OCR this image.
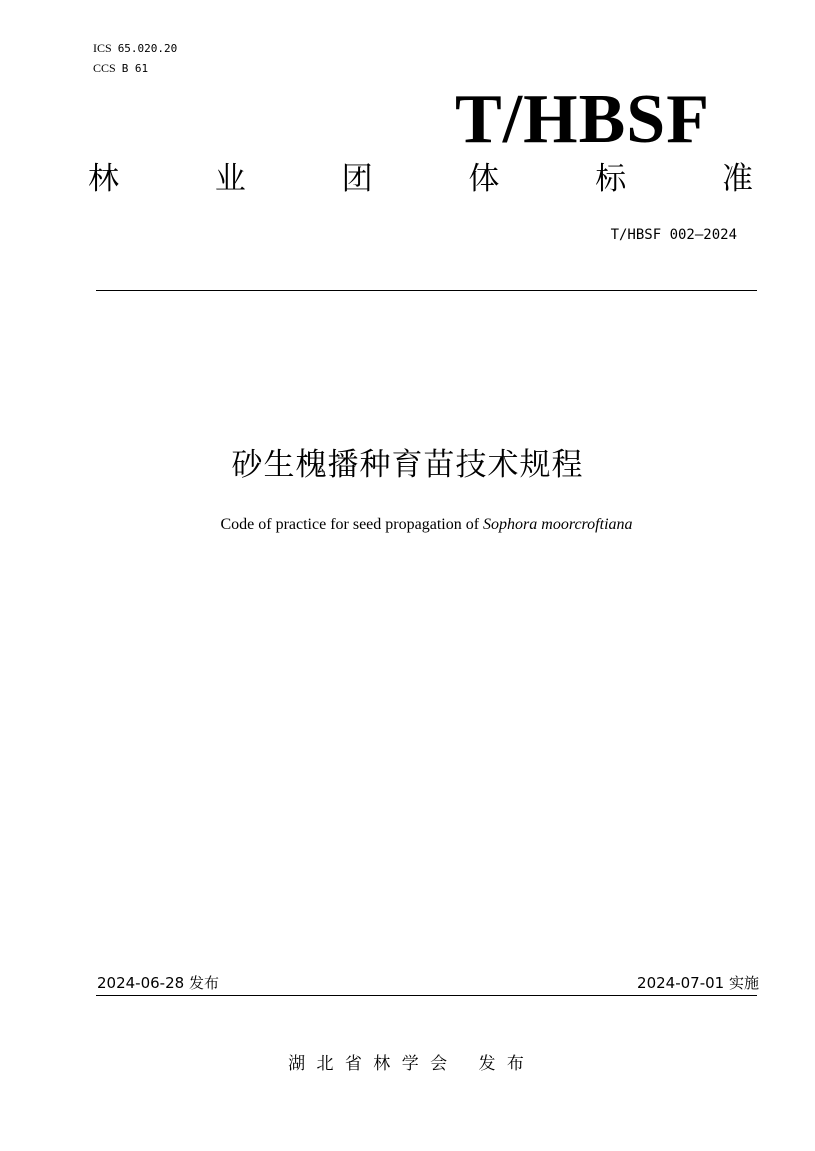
ICS 65.020.20
CCS B 61
T/HBSF
林	业	团	体	标	准
T/HBSF 002—2024
砂生槐播种育苗技术规程
Code of practice for seed propagation of Sophora moorcroftiana
2024-06-28 发布	2024-07-01 实施
湖 北 省 林 学 会　 发 布
